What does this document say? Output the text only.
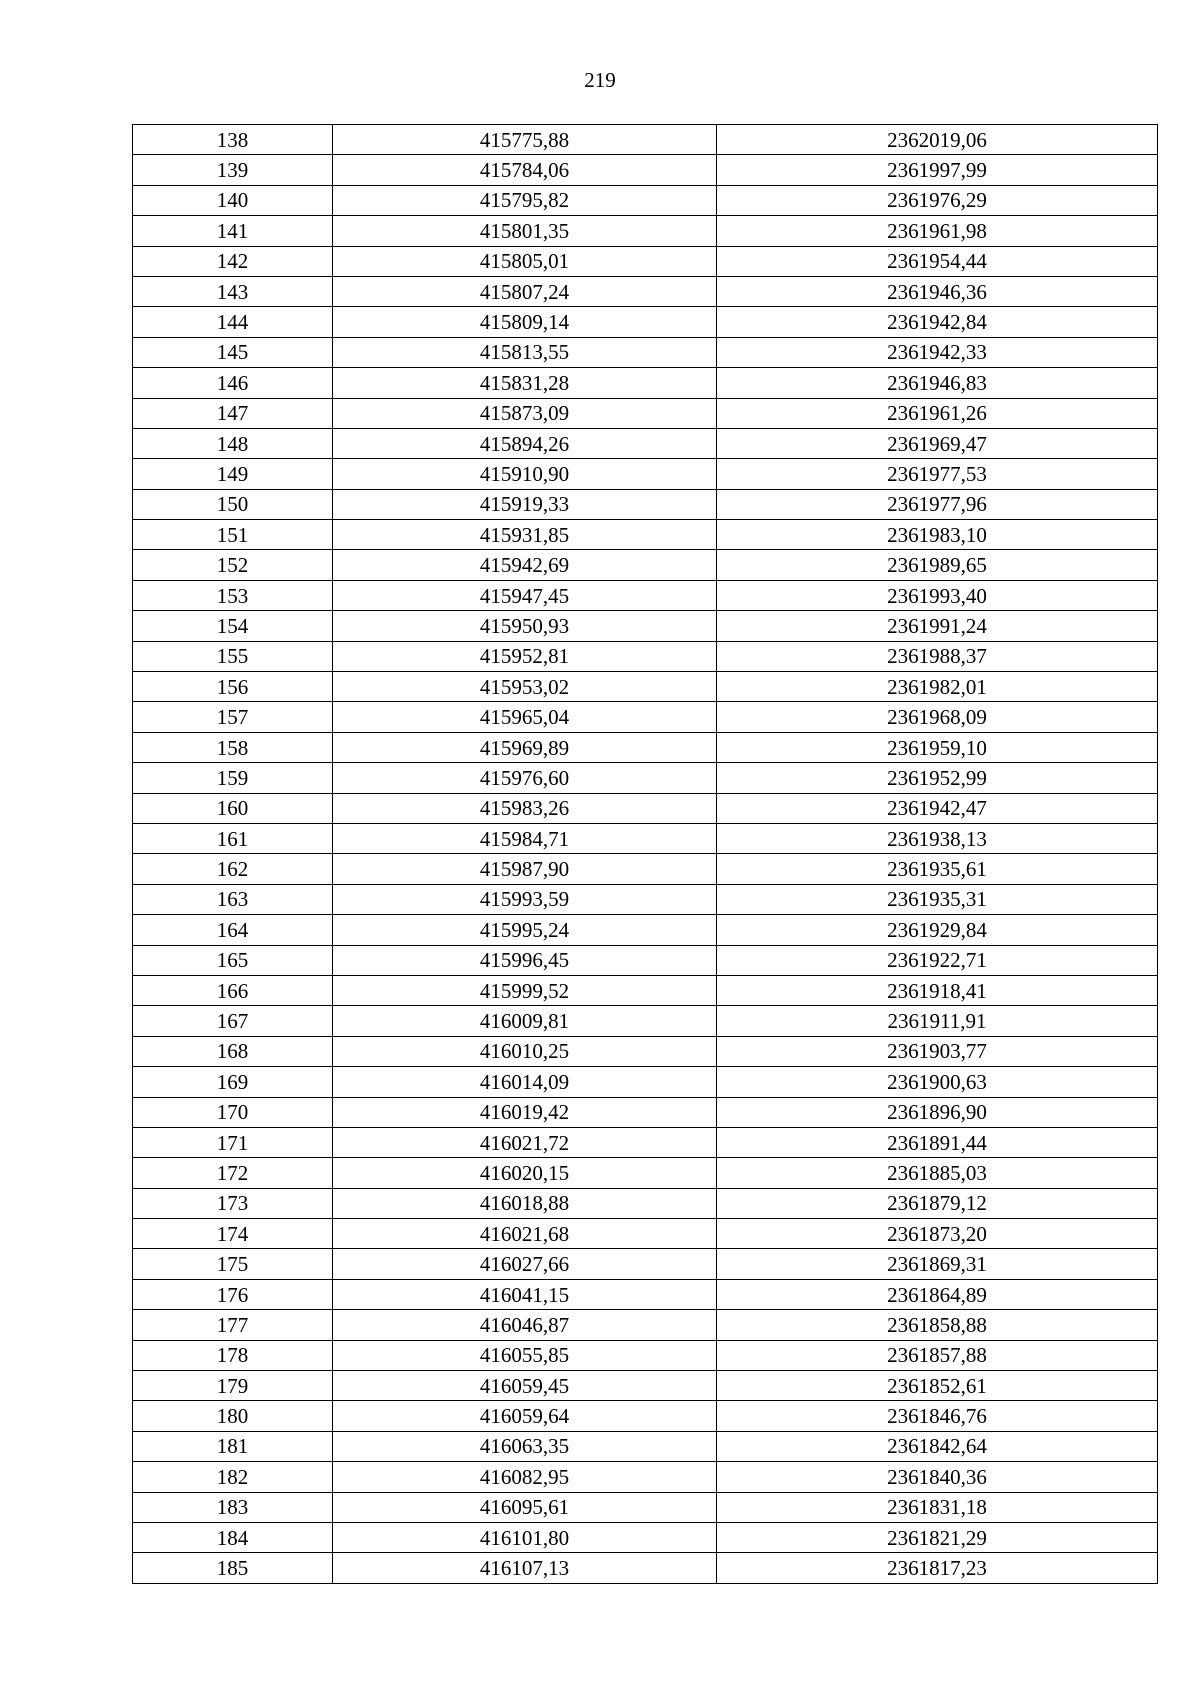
219
138	415775,88	2362019,06
139	415784,06	2361997,99
140	415795,82	2361976,29
141	415801,35	2361961,98
142	415805,01	2361954,44
143	415807,24	2361946,36
144	415809,14	2361942,84
145	415813,55	2361942,33
146	415831,28	2361946,83
147	415873,09	2361961,26
148	415894,26	2361969,47
149	415910,90	2361977,53
150	415919,33	2361977,96
151	415931,85	2361983,10
152	415942,69	2361989,65
153	415947,45	2361993,40
154	415950,93	2361991,24
155	415952,81	2361988,37
156	415953,02	2361982,01
157	415965,04	2361968,09
158	415969,89	2361959,10
159	415976,60	2361952,99
160	415983,26	2361942,47
161	415984,71	2361938,13
162	415987,90	2361935,61
163	415993,59	2361935,31
164	415995,24	2361929,84
165	415996,45	2361922,71
166	415999,52	2361918,41
167	416009,81	2361911,91
168	416010,25	2361903,77
169	416014,09	2361900,63
170	416019,42	2361896,90
171	416021,72	2361891,44
172	416020,15	2361885,03
173	416018,88	2361879,12
174	416021,68	2361873,20
175	416027,66	2361869,31
176	416041,15	2361864,89
177	416046,87	2361858,88
178	416055,85	2361857,88
179	416059,45	2361852,61
180	416059,64	2361846,76
181	416063,35	2361842,64
182	416082,95	2361840,36
183	416095,61	2361831,18
184	416101,80	2361821,29
185	416107,13	2361817,23
